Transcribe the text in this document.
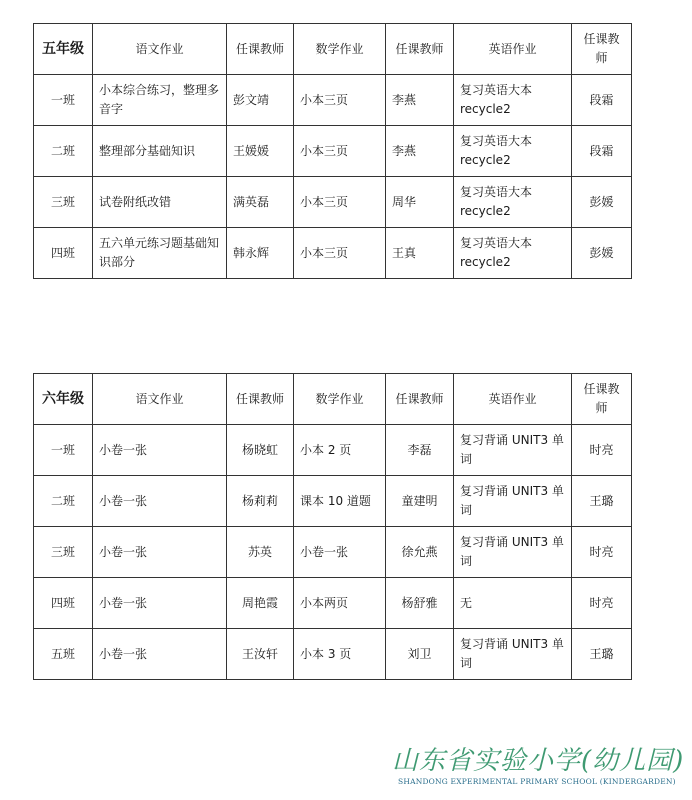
五年级	语文作业	任课教师	数学作业	任课教师	英语作业	任课教师
一班	小本综合练习，整理多音字	彭文靖	小本三页	李燕	复习英语大本 recycle2	段霜
二班	整理部分基础知识	王媛媛	小本三页	李燕	复习英语大本 recycle2	段霜
三班	试卷附纸改错	满英磊	小本三页	周华	复习英语大本 recycle2	彭媛
四班	五六单元练习题基础知识部分	韩永辉	小本三页	王真	复习英语大本 recycle2	彭媛
六年级	语文作业	任课教师	数学作业	任课教师	英语作业	任课教师
一班	小卷一张	杨晓虹	小本 2 页	李磊	复习背诵 UNIT3 单词	时亮
二班	小卷一张	杨莉莉	课本 10 道题	童建明	复习背诵 UNIT3 单词	王璐
三班	小卷一张	苏英	小卷一张	徐允燕	复习背诵 UNIT3 单词	时亮
四班	小卷一张	周艳霞	小本两页	杨舒雅	无	时亮
五班	小卷一张	王汝轩	小本 3 页	刘卫	复习背诵 UNIT3 单词	王璐
山东省实验小学(幼儿园)
SHANDONG EXPERIMENTAL PRIMARY SCHOOL (KINDERGARDEN)
